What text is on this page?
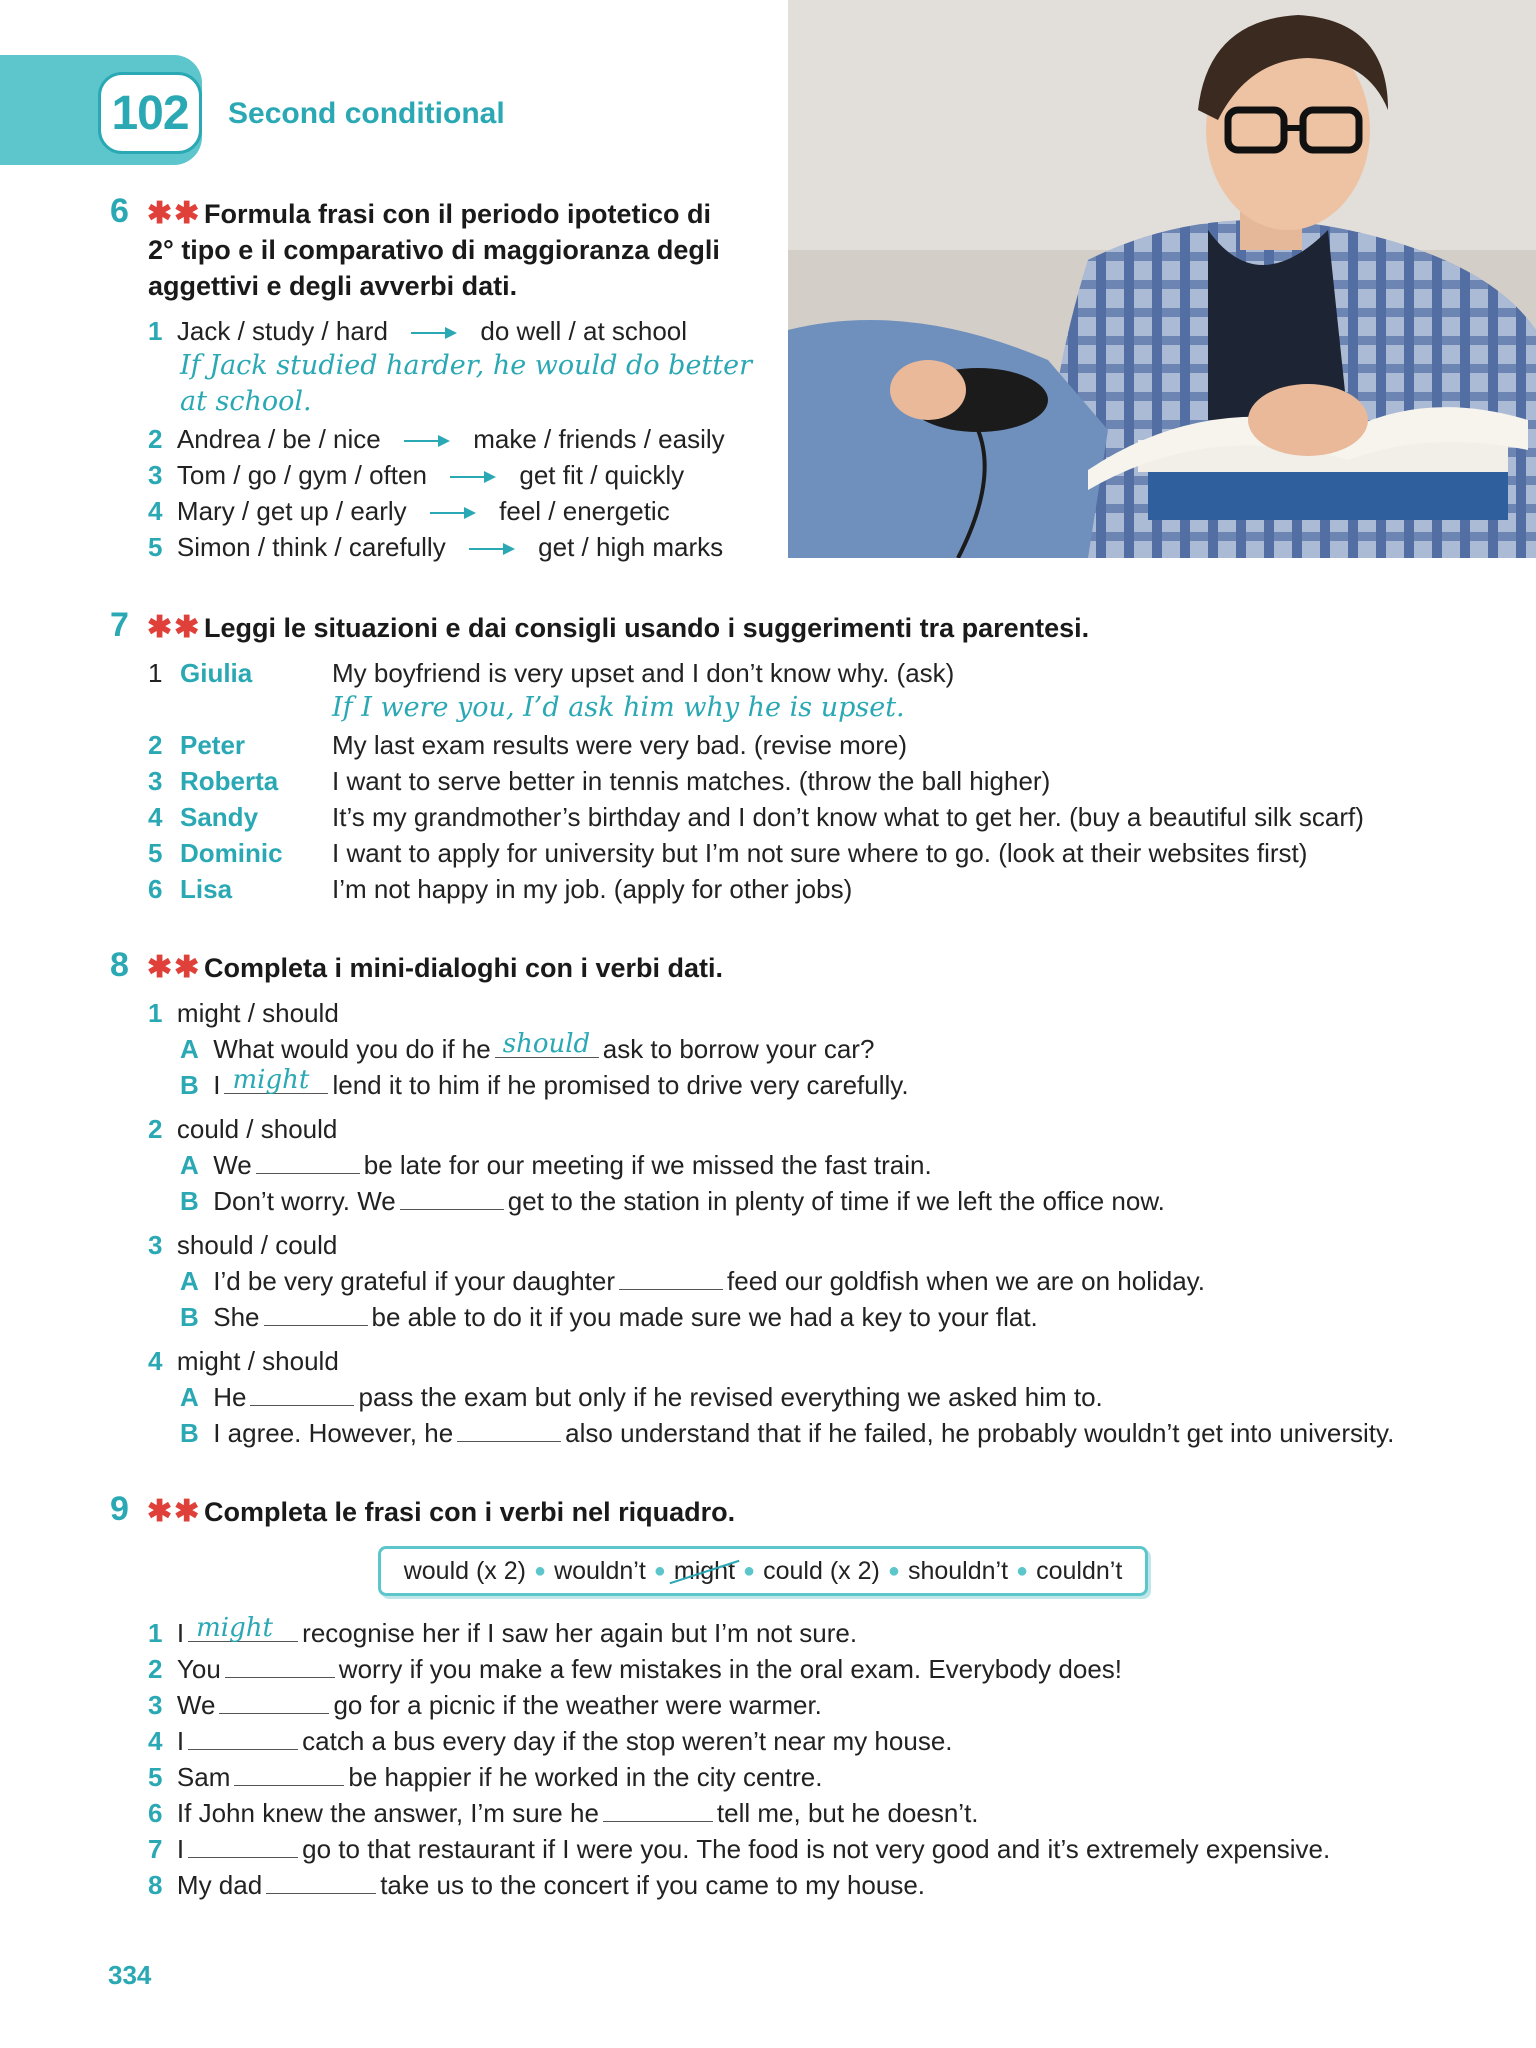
102	Second conditional
6 ✱✱ Formula frasi con il periodo ipotetico di
2° tipo e il comparativo di maggioranza degli
aggettivi e degli avverbi dati.
1 Jack / study / hard	do well / at school
If Jack studied harder, he would do better
at school.
2 Andrea / be / nice	make / friends / easily
3 Tom / go / gym / often	get fit / quickly
4 Mary / get up / early	feel / energetic
5 Simon / think / carefully	get / high marks
7 ✱✱ Leggi le situazioni e dai consigli usando i suggerimenti tra parentesi.
1 Giulia	My boyfriend is very upset and I don’t know why. (ask)
If I were you, I’d ask him why he is upset.
2 Peter	My last exam results were very bad. (revise more)
3 Roberta I want to serve better in tennis matches. (throw the ball higher)
4 Sandy	It’s my grandmother’s birthday and I don’t know what to get her. (buy a beautiful silk scarf)
5 Dominic I want to apply for university but I’m not sure where to go. (look at their websites first)
6 Lisa	I’m not happy in my job. (apply for other jobs)
8 ✱✱ Completa i mini-dialoghi con i verbi dati.
1 might / should
A What would you do if he should ask to borrow your car?
B I might lend it to him if he promised to drive very carefully.
2 could / should
A We	be late for our meeting if we missed the fast train.
B Don’t worry. We	get to the station in plenty of time if we left the office now.
3 should / could
A I’d be very grateful if your daughter	feed our goldfish when we are on holiday.
B She	be able to do it if you made sure we had a key to your flat.
4 might / should
A He	pass the exam but only if he revised everything we asked him to.
B I agree. However, he	also understand that if he failed, he probably wouldn’t get into university.
9 ✱✱ Completa le frasi con i verbi nel riquadro.
would (x 2) ● wouldn’t ● might ● could (x 2) ● shouldn’t ● couldn’t
1 I might recognise her if I saw her again but I’m not sure.
2 You	worry if you make a few mistakes in the oral exam. Everybody does!
3 We	go for a picnic if the weather were warmer.
4 I	catch a bus every day if the stop weren’t near my house.
5 Sam	be happier if he worked in the city centre.
6 If John knew the answer, I’m sure he	tell me, but he doesn’t.
7 I	go to that restaurant if I were you. The food is not very good and it’s extremely expensive.
8 My dad	take us to the concert if you came to my house.
334
